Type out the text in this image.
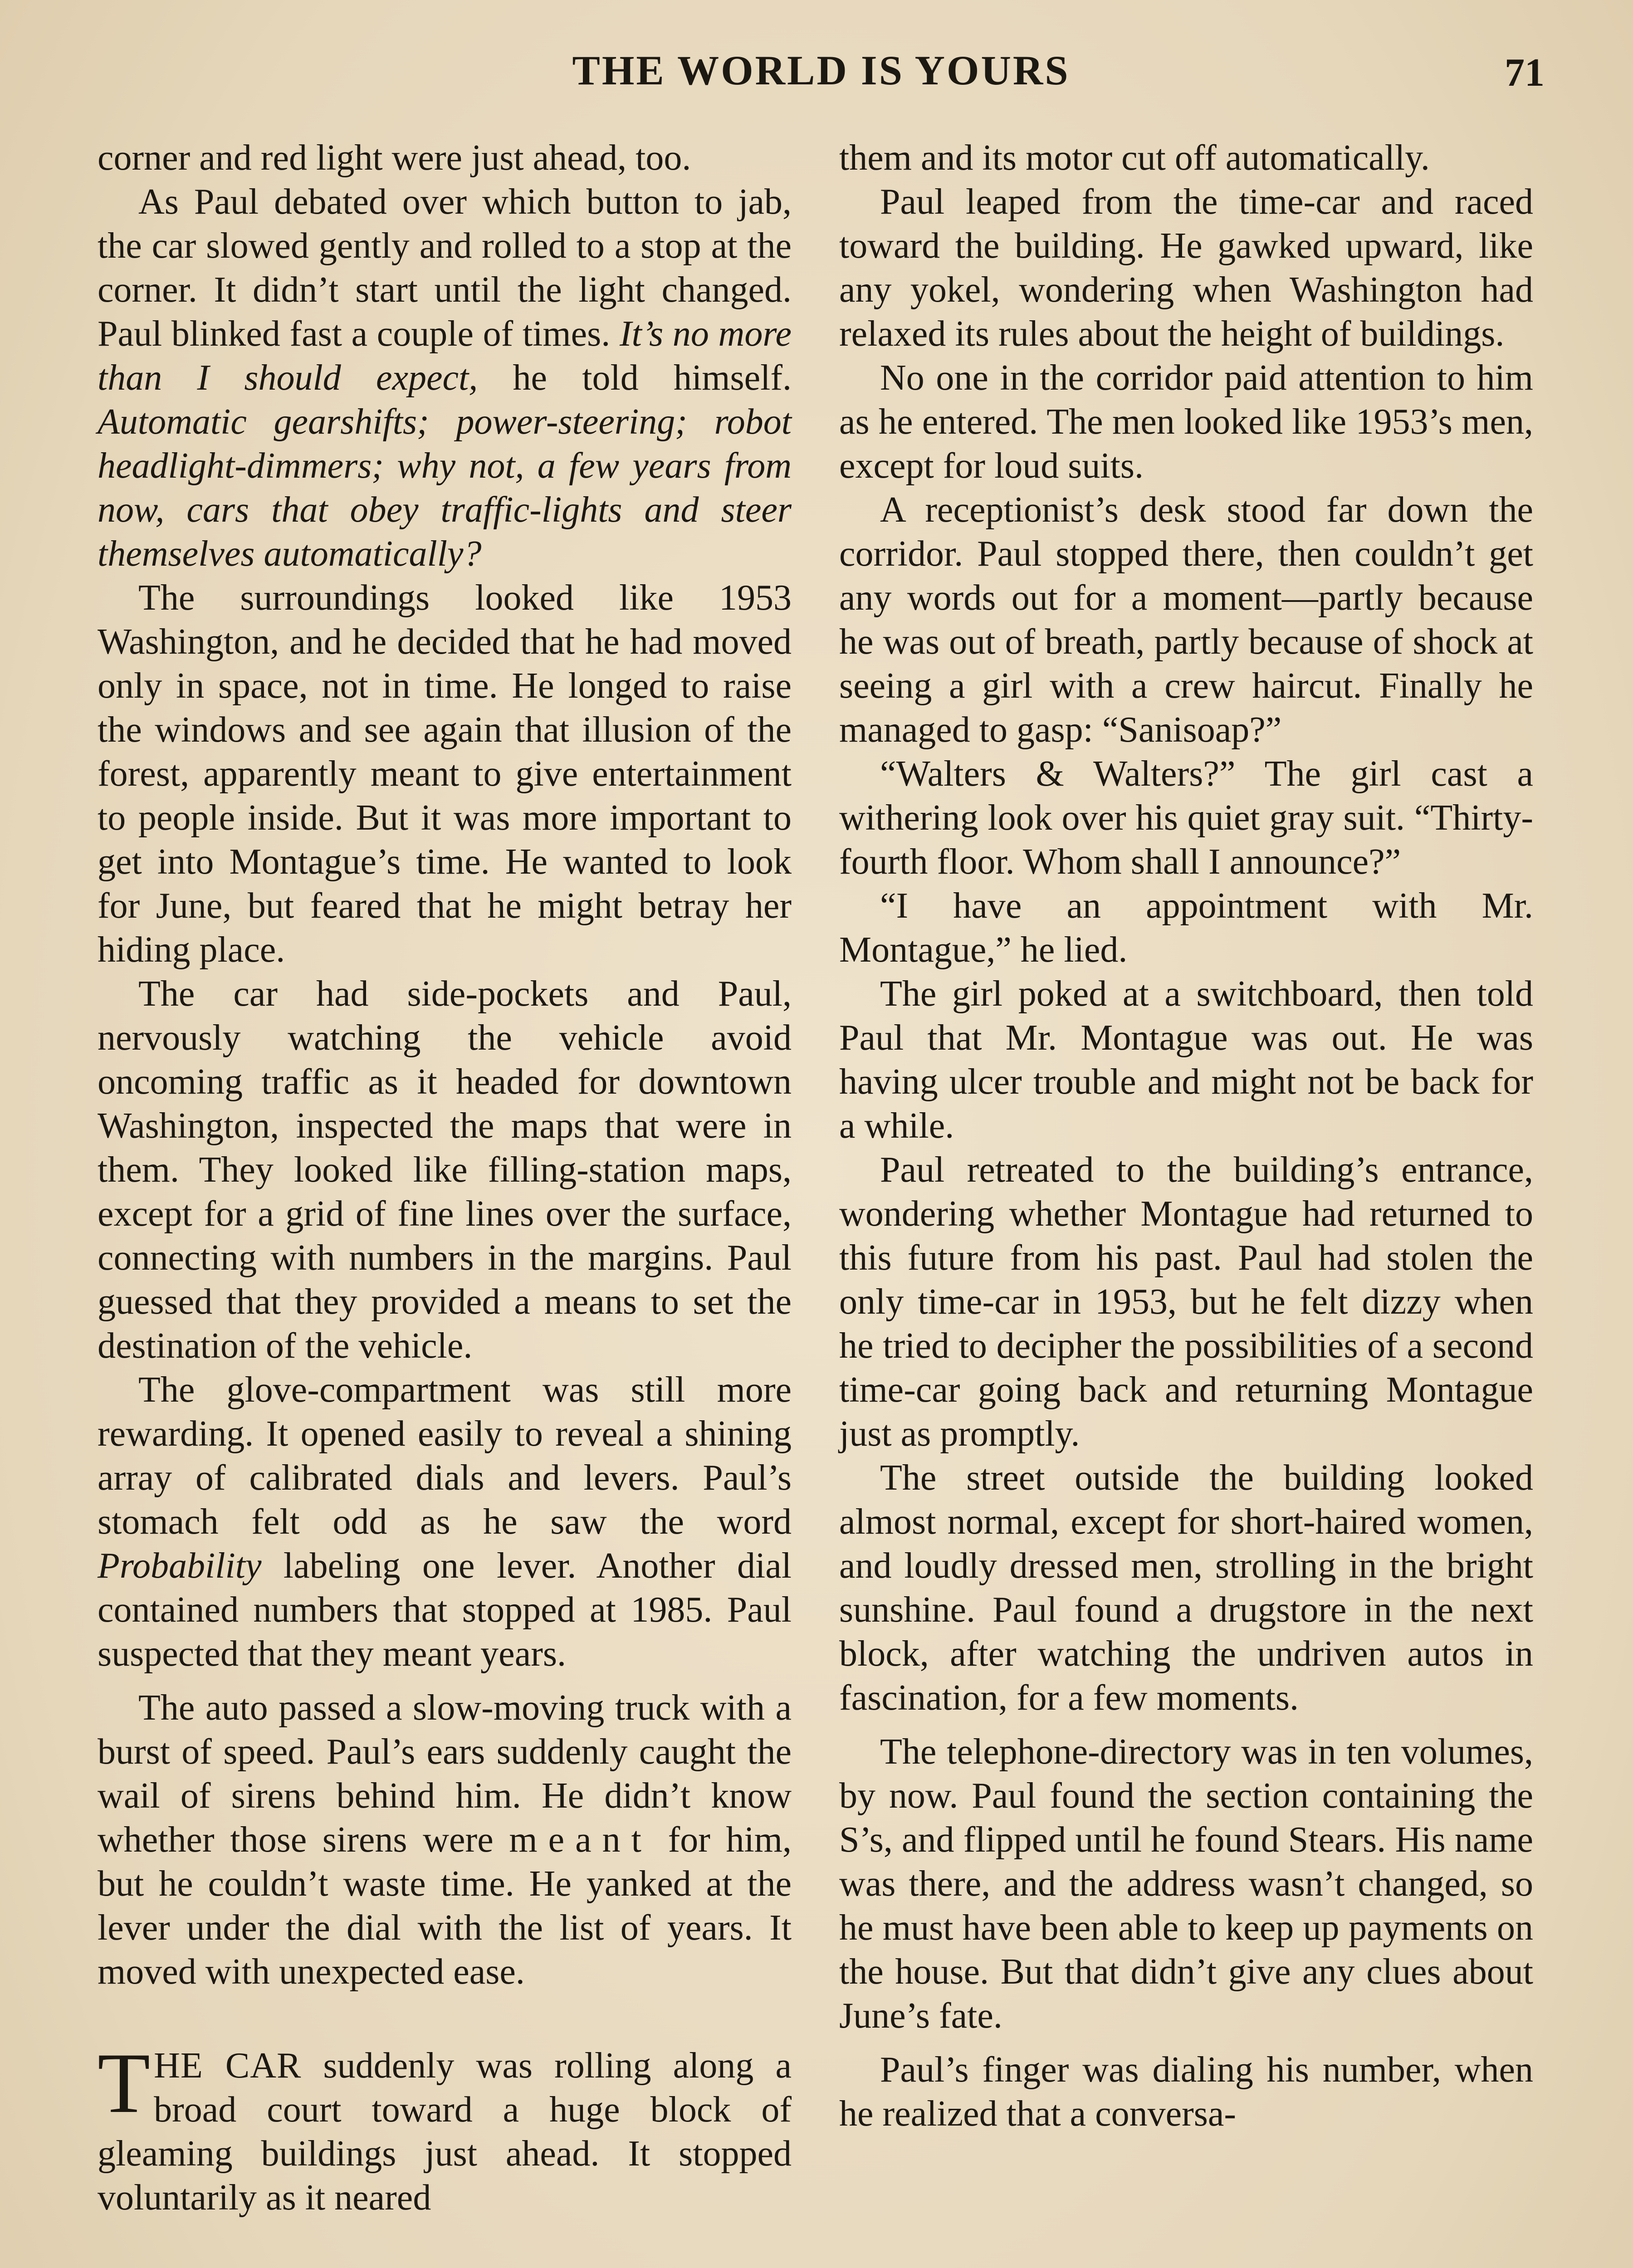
THE WORLD IS YOURS	71

corner and red light were just ahead, too.

As Paul debated over which button to jab, the car slowed gently and rolled to a stop at the corner. It didn’t start until the light changed. Paul blinked fast a couple of times. It’s no more than I should expect, he told himself. Automatic gearshifts; power-steering; robot headlight-dimmers; why not, a few years from now, cars that obey traffic-lights and steer themselves automatically?

The surroundings looked like 1953 Washington, and he decided that he had moved only in space, not in time. He longed to raise the windows and see again that illusion of the forest, apparently meant to give entertainment to people inside. But it was more important to get into Montague’s time. He wanted to look for June, but feared that he might betray her hiding place.

The car had side-pockets and Paul, nervously watching the vehicle avoid oncoming traffic as it headed for downtown Washington, inspected the maps that were in them. They looked like filling-station maps, except for a grid of fine lines over the surface, connecting with numbers in the margins. Paul guessed that they provided a means to set the destination of the vehicle.

The glove-compartment was still more rewarding. It opened easily to reveal a shining array of calibrated dials and levers. Paul’s stomach felt odd as he saw the word Probability labeling one lever. Another dial contained numbers that stopped at 1985. Paul suspected that they meant years.

The auto passed a slow-moving truck with a burst of speed. Paul’s ears suddenly caught the wail of sirens behind him. He didn’t know whether those sirens were meant for him, but he couldn’t waste time. He yanked at the lever under the dial with the list of years. It moved with unexpected ease.

THE CAR suddenly was rolling along a broad court toward a huge block of gleaming buildings just ahead. It stopped voluntarily as it neared

them and its motor cut off automatically.

Paul leaped from the time-car and raced toward the building. He gawked upward, like any yokel, wondering when Washington had relaxed its rules about the height of buildings.

No one in the corridor paid attention to him as he entered. The men looked like 1953’s men, except for loud suits.

A receptionist’s desk stood far down the corridor. Paul stopped there, then couldn’t get any words out for a moment—partly because he was out of breath, partly because of shock at seeing a girl with a crew haircut. Finally he managed to gasp: “Sanisoap?”

“Walters & Walters?” The girl cast a withering look over his quiet gray suit. “Thirty-fourth floor. Whom shall I announce?”

“I have an appointment with Mr. Montague,” he lied.

The girl poked at a switchboard, then told Paul that Mr. Montague was out. He was having ulcer trouble and might not be back for a while.

Paul retreated to the building’s entrance, wondering whether Montague had returned to this future from his past. Paul had stolen the only time-car in 1953, but he felt dizzy when he tried to decipher the possibilities of a second time-car going back and returning Montague just as promptly.

The street outside the building looked almost normal, except for short-haired women, and loudly dressed men, strolling in the bright sunshine. Paul found a drugstore in the next block, after watching the undriven autos in fascination, for a few moments.

The telephone-directory was in ten volumes, by now. Paul found the section containing the S’s, and flipped until he found Stears. His name was there, and the address wasn’t changed, so he must have been able to keep up payments on the house. But that didn’t give any clues about June’s fate.

Paul’s finger was dialing his number, when he realized that a conversa-
